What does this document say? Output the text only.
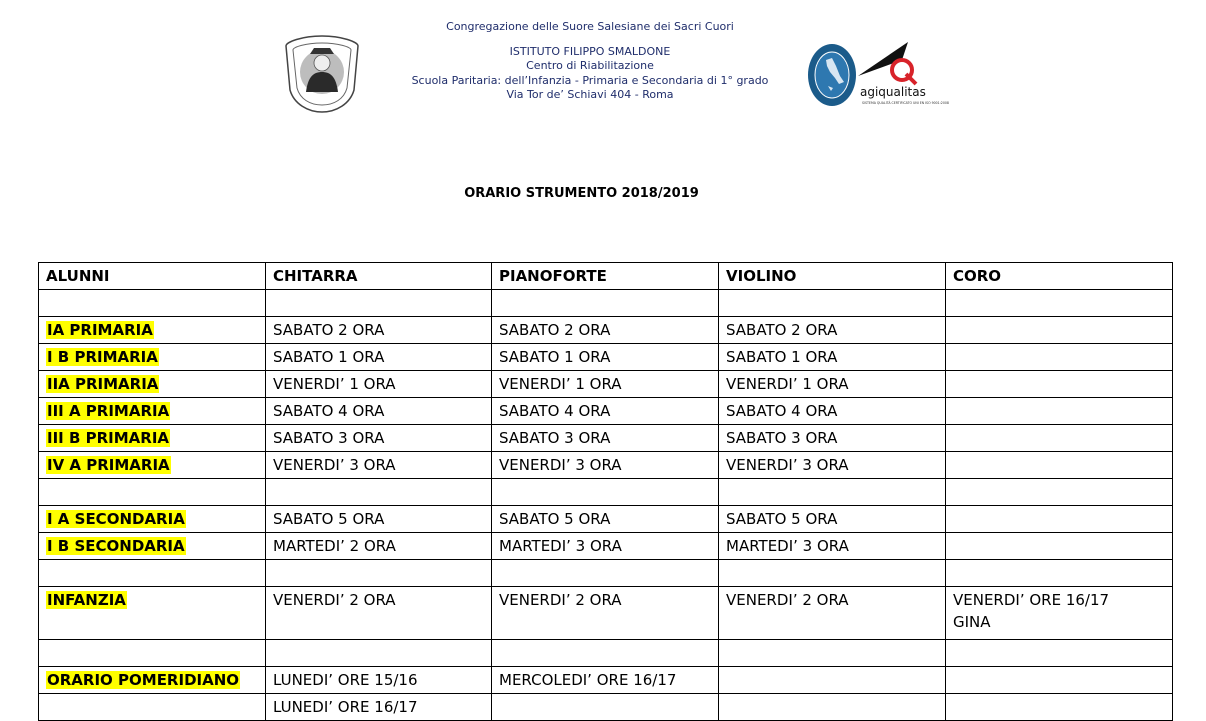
Congregazione delle Suore Salesiane dei Sacri Cuori
ISTITUTO FILIPPO SMALDONE
Centro di Riabilitazione
Scuola Paritaria: dell’Infanzia - Primaria e Secondaria di 1° grado
Via Tor de’ Schiavi 404 - Roma	agiqualitas
SISTEMA QUALITÀ CERTIFICATO UNI EN ISO 9001:2008
ORARIO STRUMENTO 2018/2019
ALUNNI	CHITARRA	PIANOFORTE	VIOLINO	CORO

IA PRIMARIA	SABATO 2 ORA	SABATO 2 ORA	SABATO 2 ORA	
I B PRIMARIA	SABATO 1 ORA	SABATO 1 ORA	SABATO 1 ORA	
IIA PRIMARIA	VENERDI’ 1 ORA	VENERDI’ 1 ORA	VENERDI’ 1 ORA	
III A PRIMARIA	SABATO 4 ORA	SABATO 4 ORA	SABATO 4 ORA	
III B PRIMARIA	SABATO 3 ORA	SABATO 3 ORA	SABATO 3 ORA	
IV A PRIMARIA	VENERDI’ 3 ORA	VENERDI’ 3 ORA	VENERDI’ 3 ORA	

I A SECONDARIA	SABATO 5 ORA	SABATO 5 ORA	SABATO 5 ORA	
I B SECONDARIA	MARTEDI’ 2 ORA	MARTEDI’ 3 ORA	MARTEDI’ 3 ORA	

INFANZIA	VENERDI’ 2 ORA	VENERDI’ 2 ORA	VENERDI’ 2 ORA	VENERDI’ ORE 16/17
GINA

ORARIO POMERIDIANO	LUNEDI’ ORE 15/16	MERCOLEDI’ ORE 16/17		
	LUNEDI’ ORE 16/17			
